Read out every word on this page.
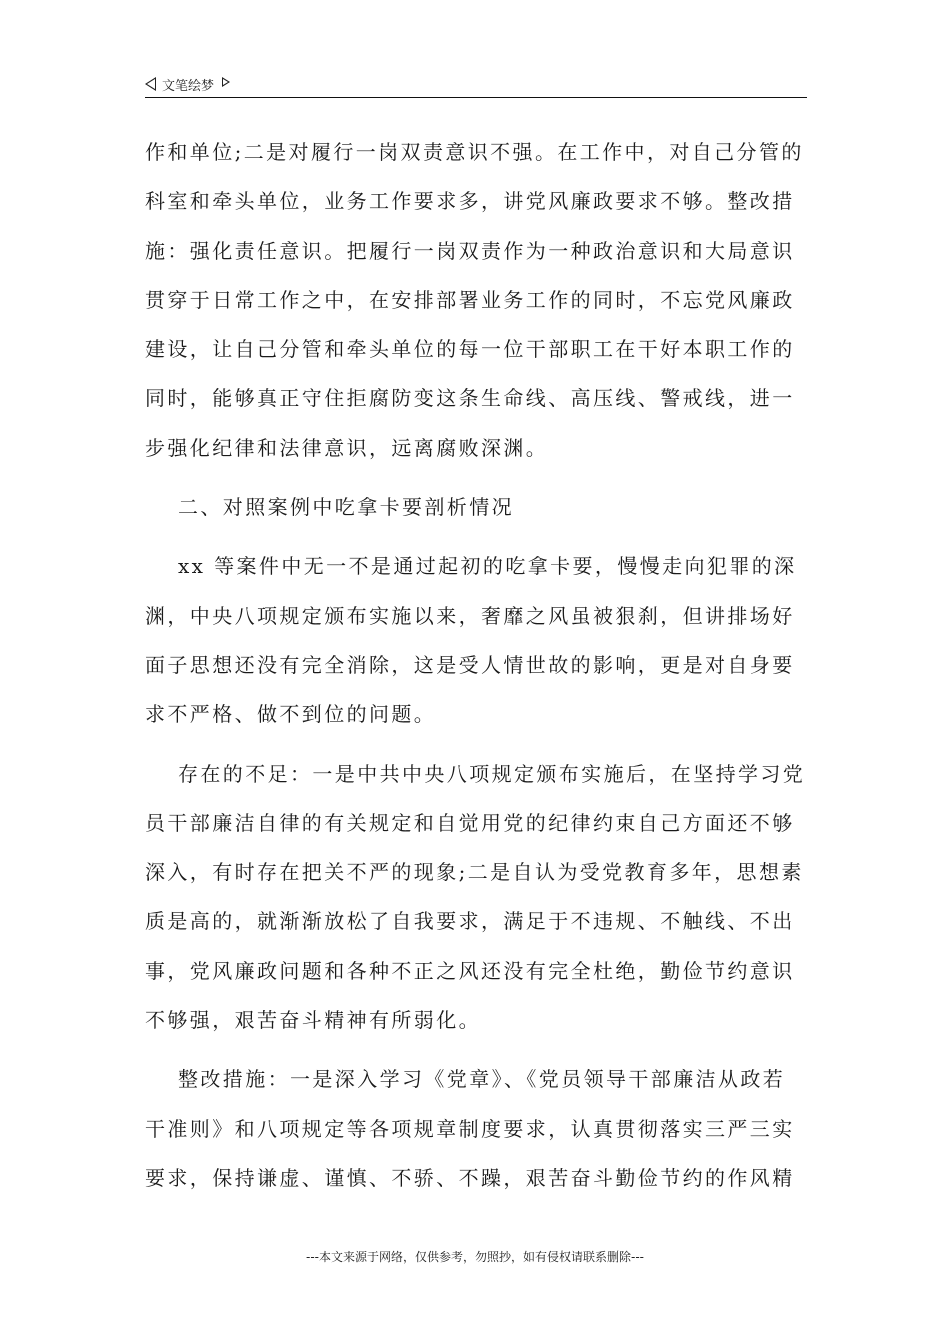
文笔绘梦
作和单位;二是对履行一岗双责意识不强。在工作中，对自己分管的
科室和牵头单位，业务工作要求多，讲党风廉政要求不够。整改措
施：强化责任意识。把履行一岗双责作为一种政治意识和大局意识
贯穿于日常工作之中，在安排部署业务工作的同时，不忘党风廉政
建设，让自己分管和牵头单位的每一位干部职工在干好本职工作的
同时，能够真正守住拒腐防变这条生命线、高压线、警戒线，进一
步强化纪律和法律意识，远离腐败深渊。
二、对照案例中吃拿卡要剖析情况
xx 等案件中无一不是通过起初的吃拿卡要，慢慢走向犯罪的深
渊，中央八项规定颁布实施以来，奢靡之风虽被狠刹，但讲排场好
面子思想还没有完全消除，这是受人情世故的影响，更是对自身要
求不严格、做不到位的问题。
存在的不足：一是中共中央八项规定颁布实施后，在坚持学习党
员干部廉洁自律的有关规定和自觉用党的纪律约束自己方面还不够
深入，有时存在把关不严的现象;二是自认为受党教育多年，思想素
质是高的，就渐渐放松了自我要求，满足于不违规、不触线、不出
事，党风廉政问题和各种不正之风还没有完全杜绝，勤俭节约意识
不够强，艰苦奋斗精神有所弱化。
整改措施：一是深入学习《党章》、《党员领导干部廉洁从政若
干准则》和八项规定等各项规章制度要求，认真贯彻落实三严三实
要求，保持谦虚、谨慎、不骄、不躁，艰苦奋斗勤俭节约的作风精
---本文来源于网络，仅供参考，勿照抄，如有侵权请联系删除---
